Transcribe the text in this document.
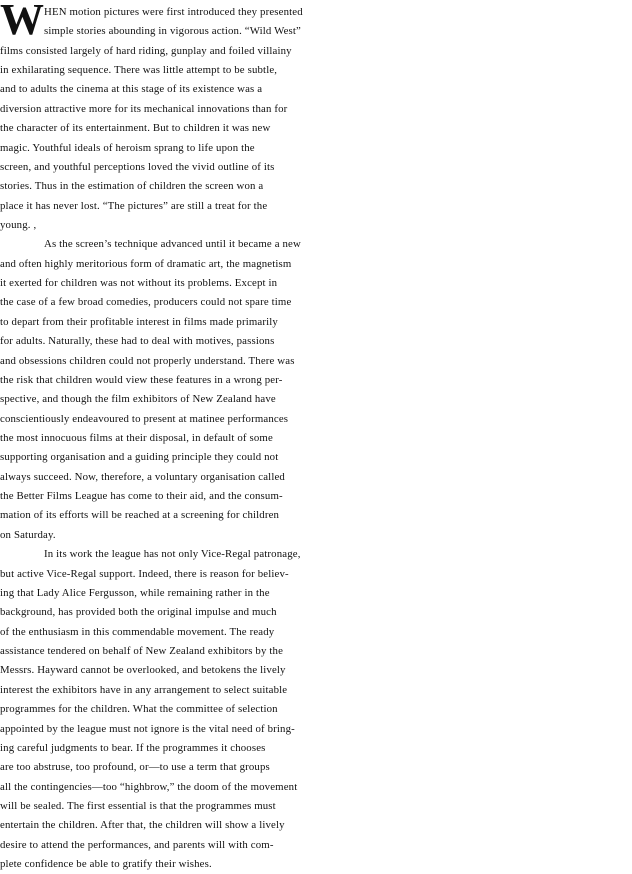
W HEN motion pictures were first introduced they presented
simple stories abounding in vigorous action. “Wild West”
films consisted largely of hard riding, gunplay and foiled villainy
in exhilarating sequence. There was little attempt to be subtle,
and to adults the cinema at this stage of its existence was a
diversion attractive more for its mechanical innovations than for
the character of its entertainment. But to children it was new
magic. Youthful ideals of heroism sprang to life upon the
screen, and youthful perceptions loved the vivid outline of its
stories. Thus in the estimation of children the screen won a
place it has never lost. “The pictures” are still a treat for the
young. ,
As the screen’s technique advanced until it became a new
and often highly meritorious form of dramatic art, the magnetism
it exerted for children was not without its problems. Except in
the case of a few broad comedies, producers could not spare time
to depart from their profitable interest in films made primarily
for adults. Naturally, these had to deal with motives, passions
and obsessions children could not properly understand. There was
the risk that children would view these features in a wrong per-
spective, and though the film exhibitors of New Zealand have
conscientiously endeavoured to present at matinee performances
the most innocuous films at their disposal, in default of some
supporting organisation and a guiding principle they could not
always succeed. Now, therefore, a voluntary organisation called
the Better Films League has come to their aid, and the consum-
mation of its efforts will be reached at a screening for children
on Saturday.
In its work the league has not only Vice-Regal patronage,
but active Vice-Regal support. Indeed, there is reason for believ-
ing that Lady Alice Fergusson, while remaining rather in the
background, has provided both the original impulse and much
of the enthusiasm in this commendable movement. The ready
assistance tendered on behalf of New Zealand exhibitors by the
Messrs. Hayward cannot be overlooked, and betokens the lively
interest the exhibitors have in any arrangement to select suitable
programmes for the children. What the committee of selection
appointed by the league must not ignore is the vital need of bring-
ing careful judgments to bear. If the programmes it chooses
are too abstruse, too profound, or—to use a term that groups
all the contingencies—too “highbrow,” the doom of the movement
will be sealed. The first essential is that the programmes must
entertain the children. After that, the children will show a lively
desire to attend the performances, and parents will with com-
plete confidence be able to gratify their wishes.
